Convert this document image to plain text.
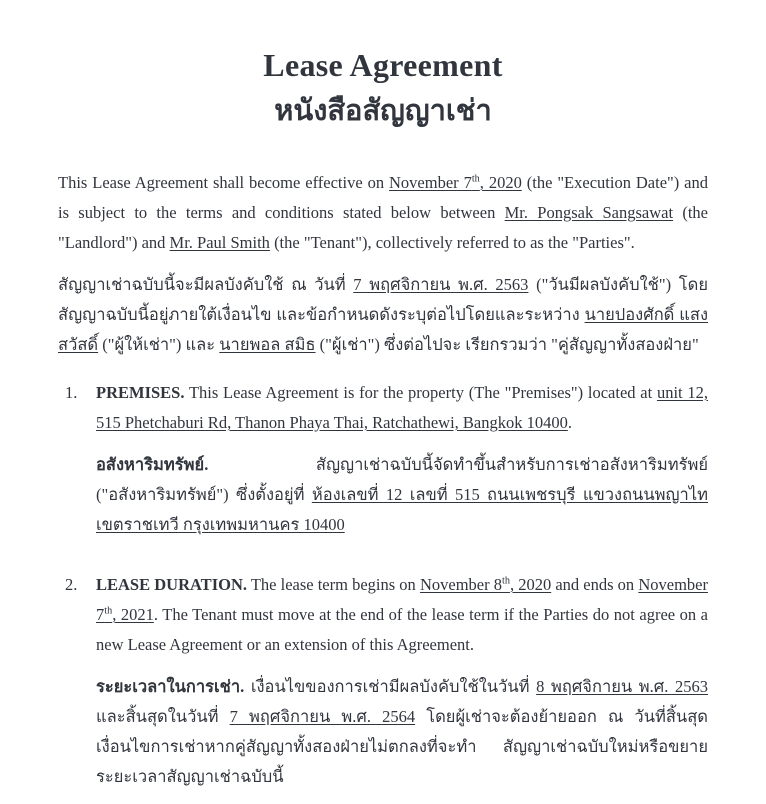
Lease Agreement
หนังสือสัญญาเช่า

This Lease Agreement shall become effective on November 7th, 2020 (the "Execution Date") and is subject to the terms and conditions stated below between Mr. Pongsak Sangsawat (the "Landlord") and Mr. Paul Smith (the "Tenant"), collectively referred to as the "Parties".

สัญญาเช่าฉบับนี้จะมีผลบังคับใช้ ณ วันที่ 7 พฤศจิกายน พ.ศ. 2563 ("วันมีผลบังคับใช้") โดยสัญญาฉบับนี้อยู่ภายใต้เงื่อนไข และข้อกำหนดดังระบุต่อไปโดยและระหว่าง นายปองศักดิ์ แสงสวัสดิ์ ("ผู้ให้เช่า") และ นายพอล สมิธ ("ผู้เช่า") ซึ่งต่อไปจะ เรียกรวมว่า "คู่สัญญาทั้งสองฝ่าย"

1.	PREMISES. This Lease Agreement is for the property (The "Premises") located at unit 12, 515 Phetchaburi Rd, Thanon Phaya Thai, Ratchathewi, Bangkok 10400.

อสังหาริมทรัพย์. สัญญาเช่าฉบับนี้จัดทำขึ้นสำหรับการเช่าอสังหาริมทรัพย์ ("อสังหาริมทรัพย์") ซึ่งตั้งอยู่ที่ ห้องเลขที่ 12 เลขที่ 515 ถนนเพชรบุรี แขวงถนนพญาไท เขตราชเทวี กรุงเทพมหานคร 10400

2.	LEASE DURATION. The lease term begins on November 8th, 2020 and ends on November 7th, 2021. The Tenant must move at the end of the lease term if the Parties do not agree on a new Lease Agreement or an extension of this Agreement.

ระยะเวลาในการเช่า. เงื่อนไขของการเช่ามีผลบังคับใช้ในวันที่ 8 พฤศจิกายน พ.ศ. 2563 และสิ้นสุดในวันที่ 7 พฤศจิกายน พ.ศ. 2564 โดยผู้เช่าจะต้องย้ายออก ณ วันที่สิ้นสุดเงื่อนไขการเช่าหากคู่สัญญาทั้งสองฝ่ายไม่ตกลงที่จะทำ สัญญาเช่าฉบับใหม่หรือขยายระยะเวลาสัญญาเช่าฉบับนี้
